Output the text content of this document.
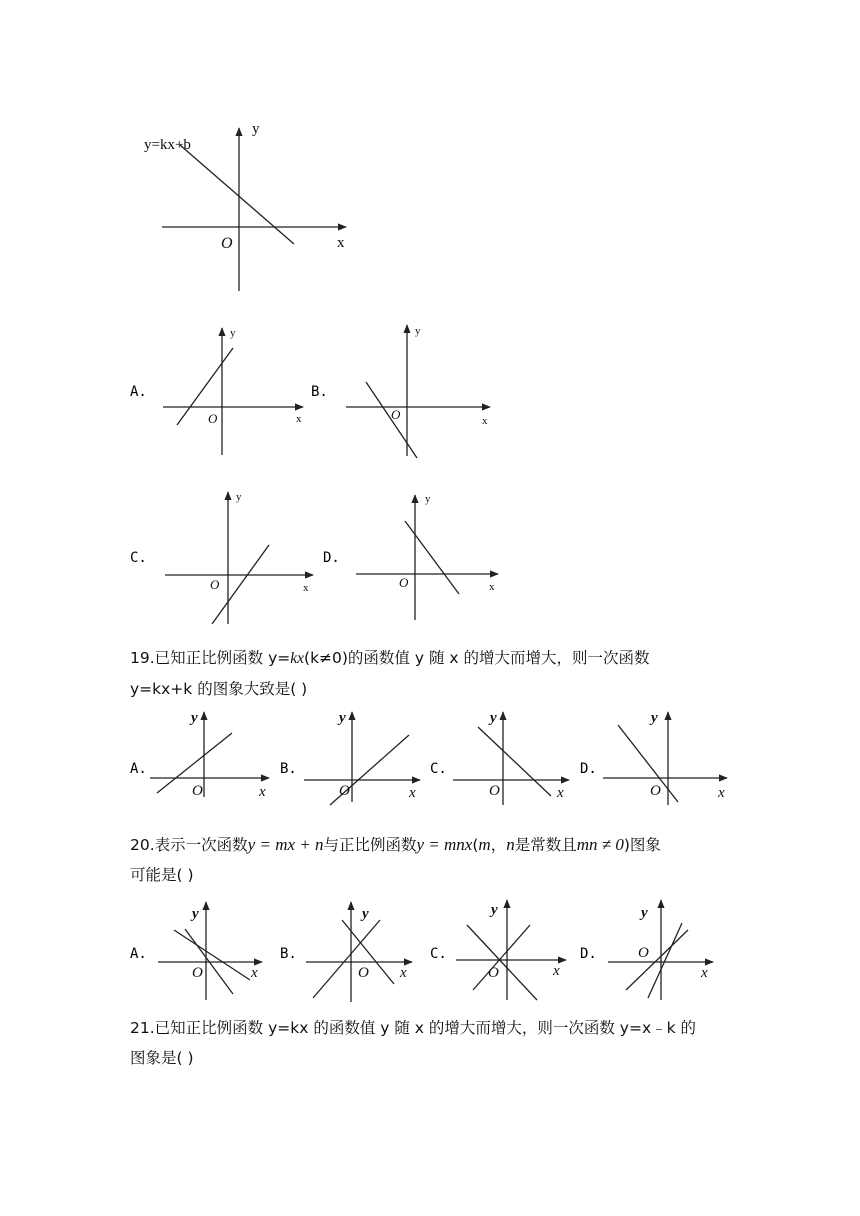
y=kx+b
y
x
O
A.
y
x
O
B.
y
x
O
C.
y
x
O
D.
y
x
O
A.
y
x
O
B.
y
x
O
C.
y
x
O
D.
y
x
O
A.
y
x
O
B.
y
x
O
C.
y
x
O
D.
y
x
O
19.已知正比例函数 y=kx(k≠0)的函数值 y 随 x 的增大而增大，则一次函数
y=kx+k 的图象大致是( )
20.表示一次函数y = mx + n与正比例函数y = mnx(m，n是常数且mn ≠ 0)图象
可能是( )
21.已知正比例函数 y=kx 的函数值 y 随 x 的增大而增大，则一次函数 y=x﹣k 的
图象是( )
